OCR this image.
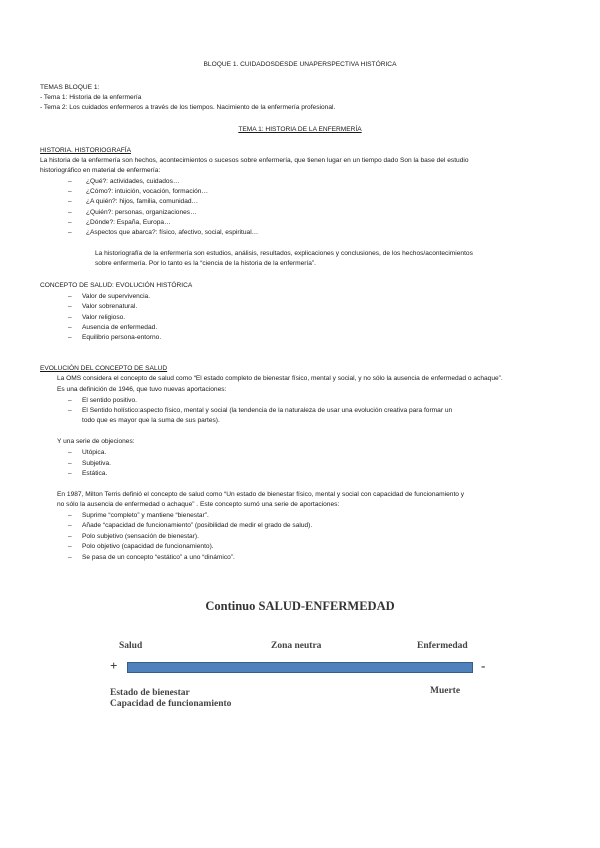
BLOQUE 1. CUIDADOSDESDE UNAPERSPECTIVA HISTÓRICA
TEMAS BLOQUE 1:
- Tema 1: Historia de la enfermería
- Tema 2: Los cuidados enfermeros a través de los tiempos. Nacimiento de la enfermería profesional.
TEMA 1: HISTORIA DE LA ENFERMERÍA
HISTORIA. HISTORIOGRAFÍA
La historia de la enfermería son hechos, acontecimientos o sucesos sobre enfermería, que tienen lugar en un tiempo dado Son la base del estudio
historiográfico en material de enfermería:
– ¿Qué?: actividades, cuidados…
– ¿Cómo?: intuición, vocación, formación…
– ¿A quién?: hijos, familia, comunidad…
– ¿Quién?: personas, organizaciones…
– ¿Dónde?: España, Europa…
– ¿Aspectos que abarca?: físico, afectivo, social, espiritual…
La historiografía de la enfermería son estudios, análisis, resultados, explicaciones y conclusiones, de los hechos/acontecimientos
sobre enfermería. Por lo tanto es la “ciencia de la historia de la enfermería”.
CONCEPTO DE SALUD: EVOLUCIÓN HISTÓRICA
– Valor de supervivencia.
– Valor sobrenatural.
– Valor religioso.
– Ausencia de enfermedad.
– Equilibrio persona-entorno.
EVOLUCIÓN DEL CONCEPTO DE SALUD
La OMS considera el concepto de salud como “El estado completo de bienestar físico, mental y social, y no sólo la ausencia de enfermedad o achaque”.
Es una definición de 1946, que tuvo nuevas aportaciones:
– El sentido positivo.
– El Sentido holístico:aspecto físico, mental y social (la tendencia de la naturaleza de usar una evolución creativa para formar un
todo que es mayor que la suma de sus partes).
Y una serie de objeciones:
– Utópica.
– Subjetiva.
– Estática.
En 1987, Milton Terris definió el concepto de salud como “Un estado de bienestar físico, mental y social con capacidad de funcionamiento y
no sólo la ausencia de enfermedad o achaque” . Este concepto sumó una serie de aportaciones:
– Suprime “completo” y mantiene “bienestar”.
– Añade “capacidad de funcionamiento” (posibilidad de medir el grado de salud).
– Polo subjetivo (sensación de bienestar).
– Polo objetivo (capacidad de funcionamiento).
– Se pasa de un concepto “estático” a uno “dinámico”.
Continuo SALUD-ENFERMEDAD
Salud	Zona neutra	Enfermedad
+	-
Estado de bienestar
Capacidad de funcionamiento
Muerte
